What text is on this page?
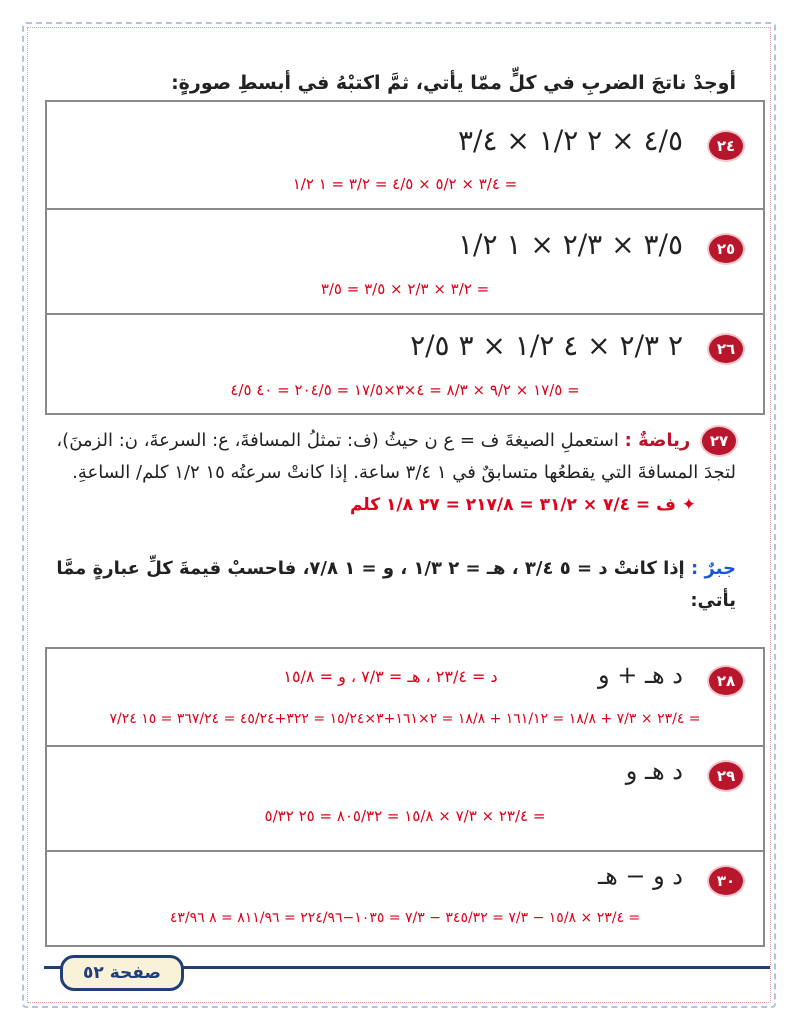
أوجدْ ناتجَ الضربِ في كلٍّ ممّا يأتي، ثمَّ اكتبْهُ في أبسطِ صورةٍ:
٢٤
٤/٥ × ٢ ١/٢ × ٣/٤
= ٣/٤ × ٥/٢ × ٤/٥ = ٣/٢ = ١ ١/٢
٢٥
٣/٥ × ٢/٣ × ١ ١/٢
= ٣/٢ × ٢/٣ × ٣/٥ = ٣/٥
٢٦
٢ ٢/٣ × ٤ ١/٢ × ٣ ٢/٥
= ١٧/٥ × ٩/٢ × ٨/٣ = ٤×٣×١٧/٥ = ٢٠٤/٥ = ٤٠ ٤/٥
٢٧ رياضةٌ : استعملِ الصيغةَ ف = ع ن حيثُ (ف: تمثلُ المسافةَ، ع: السرعةَ، ن: الزمنَ)،
لتجدَ المسافةَ التي يقطعُها متسابقٌ في ١ ٣/٤ ساعة. إذا كانتْ سرعتُه ١٥ ١/٢ كلم/ الساعةِ.
✦ ف = ٧/٤ × ٣١/٢ = ٢١٧/٨ = ٢٧ ١/٨ كلم
جبرٌ : إذا كانتْ د = ٥ ٣/٤ ، هـ = ٢ ١/٣ ، و = ١ ٧/٨، فاحسبْ قيمةَ كلِّ عبارةٍ ممَّا يأتي:
د = ٢٣/٤ ، هـ = ٧/٣ ، و = ١٥/٨	٢٨
د هـ + و
= ٢٣/٤ × ٧/٣ + ١٨/٨ = ١٦١/١٢ + ١٨/٨ = ٢×١٦١+٣×١٥/٢٤ = ٣٢٢+٤٥/٢٤ = ٣٦٧/٢٤ = ١٥ ٧/٢٤
٢٩
د هـ و
= ٢٣/٤ × ٧/٣ × ١٥/٨ = ٨٠٥/٣٢ = ٢٥ ٥/٣٢
٣٠
د و − هـ
= ٢٣/٤ × ١٥/٨ − ٧/٣ = ٣٤٥/٣٢ − ٧/٣ = ١٠٣٥−٢٢٤/٩٦ = ٨١١/٩٦ = ٨ ٤٣/٩٦
صفحة ٥٢
